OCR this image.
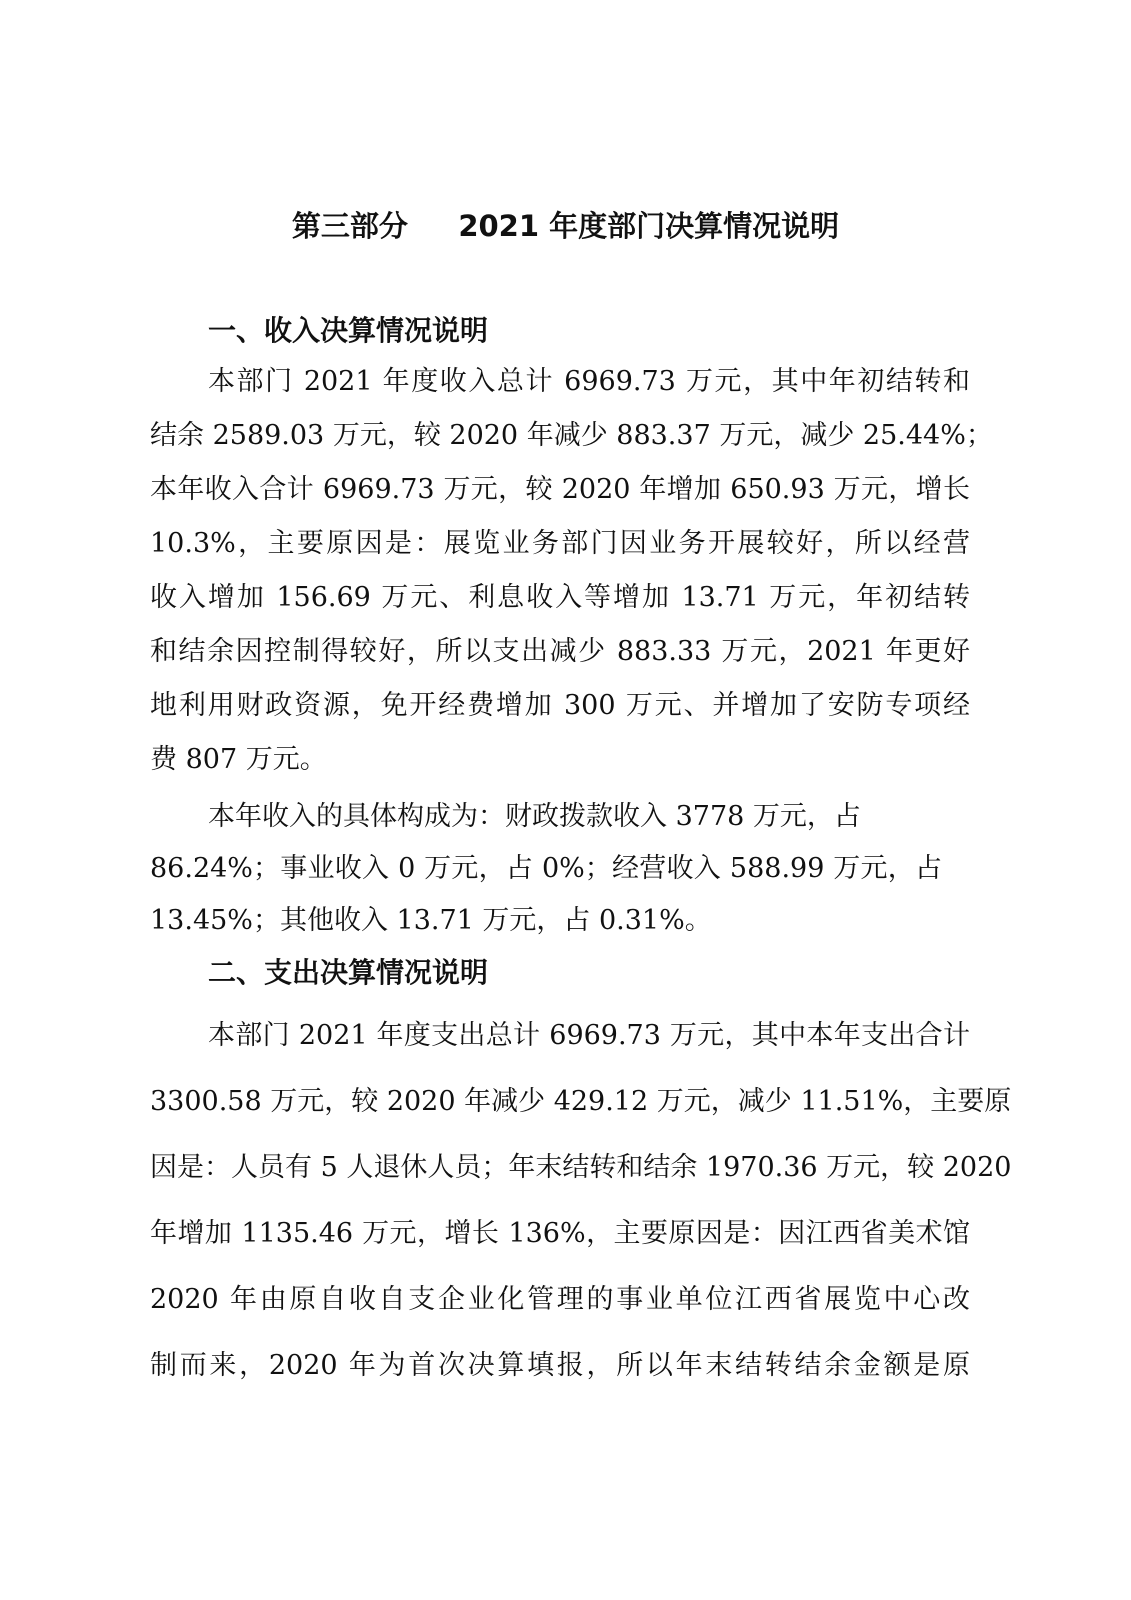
第三部分     2021 年度部门决算情况说明
一、收入决算情况说明
本部门 2021 年度收入总计 6969.73 万元，其中年初结转和
结余 2589.03 万元，较 2020 年减少 883.37 万元，减少 25.44%；
本年收入合计 6969.73 万元，较 2020 年增加 650.93 万元，增长
10.3%，主要原因是：展览业务部门因业务开展较好，所以经营
收入增加 156.69 万元、利息收入等增加 13.71 万元，年初结转
和结余因控制得较好，所以支出减少 883.33 万元，2021 年更好
地利用财政资源，免开经费增加 300 万元、并增加了安防专项经
费 807 万元。
本年收入的具体构成为：财政拨款收入 3778 万元，占
86.24%；事业收入 0 万元，占 0%；经营收入 588.99 万元，占
13.45%；其他收入 13.71 万元，占 0.31%。
二、支出决算情况说明
本部门 2021 年度支出总计 6969.73 万元，其中本年支出合计
3300.58 万元，较 2020 年减少 429.12 万元，减少 11.51%，主要原
因是：人员有 5 人退休人员；年末结转和结余 1970.36 万元，较 2020
年增加 1135.46 万元，增长 136%，主要原因是：因江西省美术馆
2020 年由原自收自支企业化管理的事业单位江西省展览中心改
制而来，2020 年为首次决算填报，所以年末结转结余金额是原
